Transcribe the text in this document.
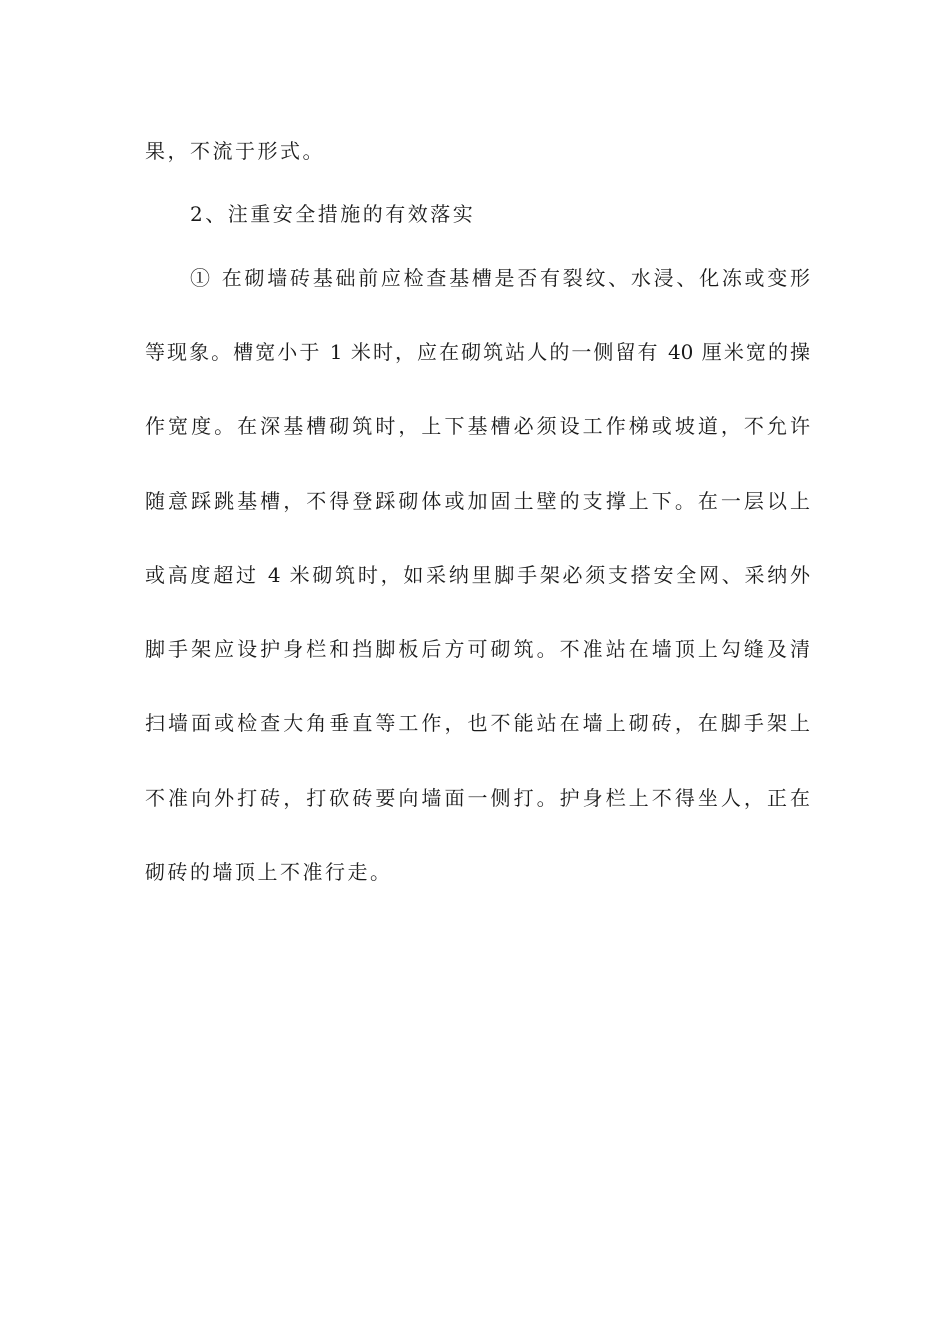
果，不流于形式。
2、注重安全措施的有效落实
① 在砌墙砖基础前应检查基槽是否有裂纹、水浸、化冻或变形
等现象。槽宽小于 1 米时，应在砌筑站人的一侧留有 40 厘米宽的操
作宽度。在深基槽砌筑时，上下基槽必须设工作梯或坡道，不允许
随意踩跳基槽，不得登踩砌体或加固土壁的支撑上下。在一层以上
或高度超过 4 米砌筑时，如采纳里脚手架必须支搭安全网、采纳外
脚手架应设护身栏和挡脚板后方可砌筑。不准站在墙顶上勾缝及清
扫墙面或检查大角垂直等工作，也不能站在墙上砌砖，在脚手架上
不准向外打砖，打砍砖要向墙面一侧打。护身栏上不得坐人，正在
砌砖的墙顶上不准行走。
